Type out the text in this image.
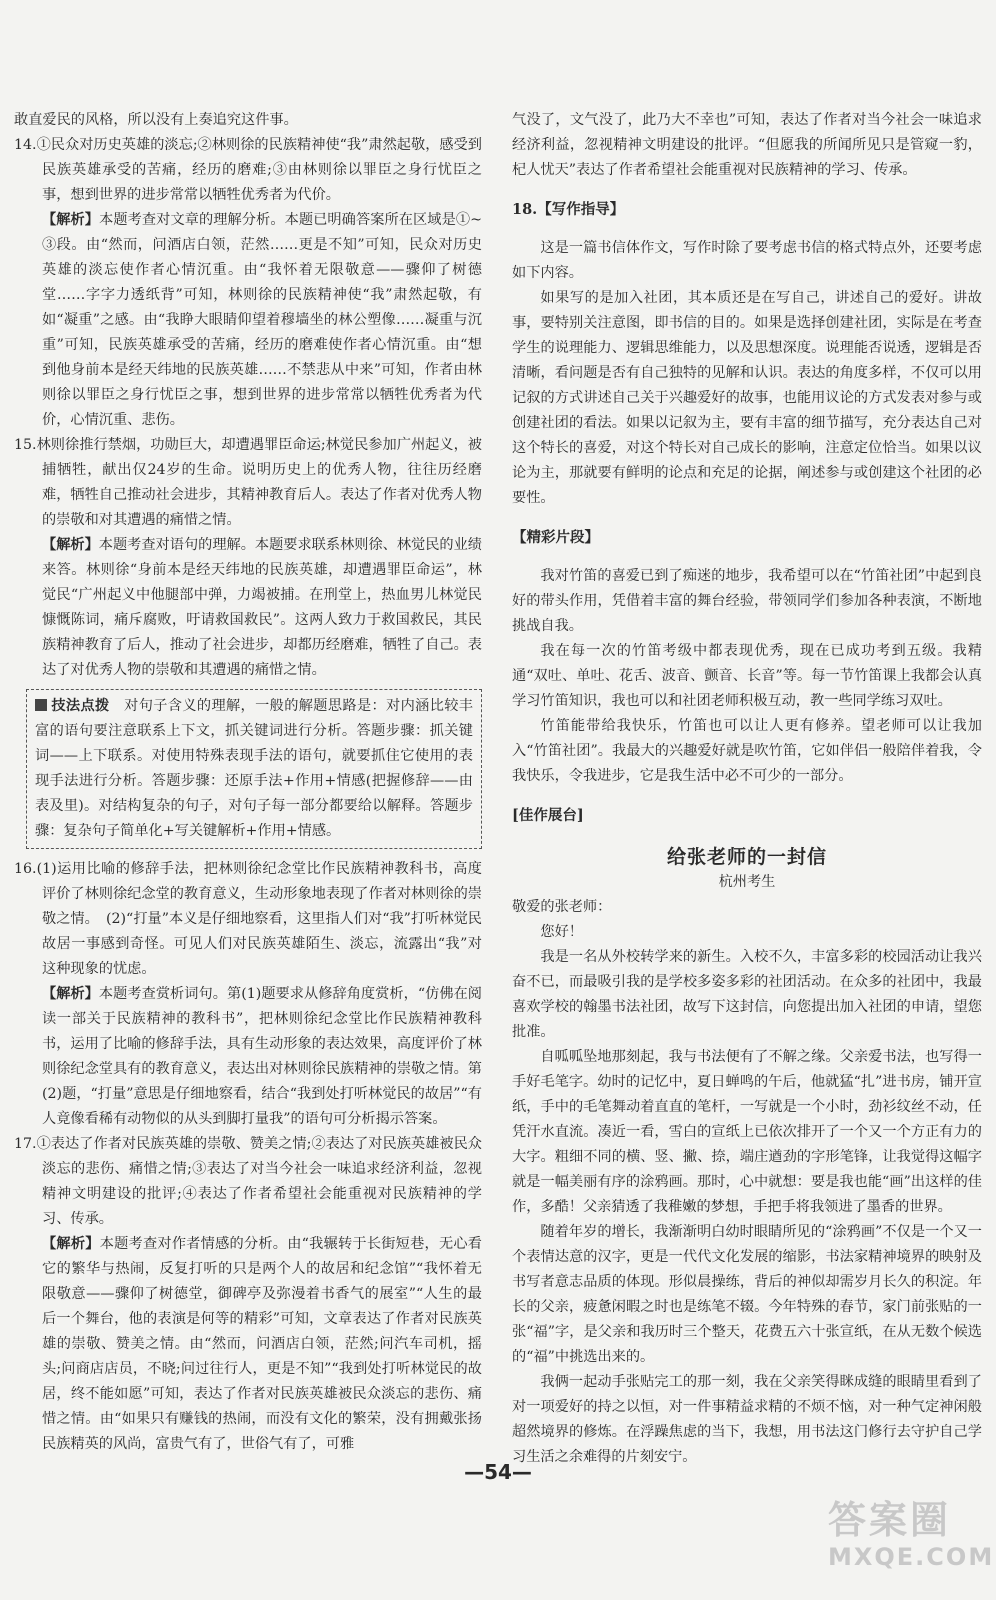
敢直爱民的风格，所以没有上奏追究这件事。

14.①民众对历史英雄的淡忘;②林则徐的民族精神使“我”肃然起敬，感受到民族英雄承受的苦痛，经历的磨难;③由林则徐以罪臣之身行忧臣之事，想到世界的进步常常以牺牲优秀者为代价。

【解析】本题考查对文章的理解分析。本题已明确答案所在区域是①~③段。由“然而，问酒店白领，茫然……更是不知”可知，民众对历史英雄的淡忘使作者心情沉重。由“我怀着无限敬意——骤仰了树德堂……字字力透纸背”可知，林则徐的民族精神使“我”肃然起敬，有如“凝重”之感。由“我睁大眼睛仰望着穆墙坐的林公塑像……凝重与沉重”可知，民族英雄承受的苦痛，经历的磨难使作者心情沉重。由“想到他身前本是经天纬地的民族英雄……不禁悲从中来”可知，作者由林则徐以罪臣之身行忧臣之事，想到世界的进步常常以牺牲优秀者为代价，心情沉重、悲伤。

15.林则徐推行禁烟，功勋巨大，却遭遇罪臣命运;林觉民参加广州起义，被捕牺牲，献出仅24岁的生命。说明历史上的优秀人物，往往历经磨难，牺牲自己推动社会进步，其精神教育后人。表达了作者对优秀人物的崇敬和对其遭遇的痛惜之情。

【解析】本题考查对语句的理解。本题要求联系林则徐、林觉民的业绩来答。林则徐“身前本是经天纬地的民族英雄，却遭遇罪臣命运”，林觉民“广州起义中他腿部中弹，力竭被捕。在刑堂上，热血男儿林觉民慷慨陈词，痛斥腐败，吁请救国救民”。这两人致力于救国救民，其民族精神教育了后人，推动了社会进步，却都历经磨难，牺牲了自己。表达了对优秀人物的崇敬和其遭遇的痛惜之情。

技法点拨　 对句子含义的理解，一般的解题思路是：对内涵比较丰富的语句要注意联系上下文，抓关键词进行分析。答题步骤：抓关键词——上下联系。对使用特殊表现手法的语句，就要抓住它使用的表现手法进行分析。答题步骤：还原手法+作用+情感(把握修辞——由表及里)。对结构复杂的句子，对句子每一部分都要给以解释。答题步骤：复杂句子简单化+写关键解析+作用+情感。

16.(1)运用比喻的修辞手法，把林则徐纪念堂比作民族精神教科书，高度评价了林则徐纪念堂的教育意义，生动形象地表现了作者对林则徐的崇敬之情。　(2)“打量”本义是仔细地察看，这里指人们对“我”打听林觉民故居一事感到奇怪。可见人们对民族英雄陌生、淡忘，流露出“我”对这种现象的忧虑。

【解析】本题考查赏析词句。第(1)题要求从修辞角度赏析，“仿佛在阅读一部关于民族精神的教科书”，把林则徐纪念堂比作民族精神教科书，运用了比喻的修辞手法，具有生动形象的表达效果，高度评价了林则徐纪念堂具有的教育意义，表达出对林则徐民族精神的崇敬之情。第(2)题，“打量”意思是仔细地察看，结合“我到处打听林觉民的故居”“有人竟像看稀有动物似的从头到脚打量我”的语句可分析揭示答案。

17.①表达了作者对民族英雄的崇敬、赞美之情;②表达了对民族英雄被民众淡忘的悲伤、痛惜之情;③表达了对当今社会一味追求经济利益，忽视精神文明建设的批评;④表达了作者希望社会能重视对民族精神的学习、传承。

【解析】本题考查对作者情感的分析。由“我辗转于长街短巷，无心看它的繁华与热闹，反复打听的只是两个人的故居和纪念馆”“我怀着无限敬意——骤仰了树德堂，御碑亭及弥漫着书香气的展室”“人生的最后一个舞台，他的表演是何等的精彩”可知，文章表达了作者对民族英雄的崇敬、赞美之情。由“然而，问酒店白领，茫然;问汽车司机，摇头;问商店店员，不晓;问过往行人，更是不知”“我到处打听林觉民的故居，终不能如愿”可知，表达了作者对民族英雄被民众淡忘的悲伤、痛惜之情。由“如果只有赚钱的热闹，而没有文化的繁荣，没有拥戴张扬民族精英的风尚，富贵气有了，世俗气有了，可雅

气没了，文气没了，此乃大不幸也”可知，表达了作者对当今社会一味追求经济利益，忽视精神文明建设的批评。“但愿我的所闻所见只是管窥一豹，杞人忧天”表达了作者希望社会能重视对民族精神的学习、传承。

18.【写作指导】

这是一篇书信体作文，写作时除了要考虑书信的格式特点外，还要考虑如下内容。

如果写的是加入社团，其本质还是在写自己，讲述自己的爱好。讲故事，要特别关注意图，即书信的目的。如果是选择创建社团，实际是在考查学生的说理能力、逻辑思维能力，以及思想深度。说理能否说透，逻辑是否清晰，看问题是否有自己独特的见解和认识。表达的角度多样，不仅可以用记叙的方式讲述自己关于兴趣爱好的故事，也能用议论的方式发表对参与或创建社团的看法。如果以记叙为主，要有丰富的细节描写，充分表达自己对这个特长的喜爱，对这个特长对自己成长的影响，注意定位恰当。如果以议论为主，那就要有鲜明的论点和充足的论据，阐述参与或创建这个社团的必要性。

【精彩片段】

我对竹笛的喜爱已到了痴迷的地步，我希望可以在“竹笛社团”中起到良好的带头作用，凭借着丰富的舞台经验，带领同学们参加各种表演，不断地挑战自我。

我在每一次的竹笛考级中都表现优秀，现在已成功考到五级。我精通“双吐、单吐、花舌、波音、颤音、长音”等。每一节竹笛课上我都会认真学习竹笛知识，我也可以和社团老师积极互动，教一些同学练习双吐。

竹笛能带给我快乐，竹笛也可以让人更有修养。望老师可以让我加入“竹笛社团”。我最大的兴趣爱好就是吹竹笛，它如伴侣一般陪伴着我，令我快乐，令我进步，它是我生活中必不可少的一部分。

[佳作展台]

给张老师的一封信
杭州考生

敬爱的张老师：

您好！

我是一名从外校转学来的新生。入校不久，丰富多彩的校园活动让我兴奋不已，而最吸引我的是学校多姿多彩的社团活动。在众多的社团中，我最喜欢学校的翰墨书法社团，故写下这封信，向您提出加入社团的申请，望您批准。

自呱呱坠地那刻起，我与书法便有了不解之缘。父亲爱书法，也写得一手好毛笔字。幼时的记忆中，夏日蝉鸣的午后，他就猛“扎”进书房，铺开宣纸，手中的毛笔舞动着直直的笔杆，一写就是一个小时，劲衫纹丝不动，任凭汗水直流。凑近一看，雪白的宣纸上已依次排开了一个又一个方正有力的大字。粗细不同的横、竖、撇、捺，端庄遒劲的字形笔锋，让我觉得这幅字就是一幅美丽有序的涂鸦画。那时，心中就想：要是我也能“画”出这样的佳作，多酷！父亲猜透了我稚嫩的梦想，手把手将我领进了墨香的世界。

随着年岁的增长，我渐渐明白幼时眼睛所见的“涂鸦画”不仅是一个又一个表情达意的汉字，更是一代代文化发展的缩影，书法家精神境界的映射及书写者意志品质的体现。形似晨操练，背后的神似却需岁月长久的积淀。年长的父亲，疲惫闲暇之时也是练笔不辍。今年特殊的春节，家门前张贴的一张“福”字，是父亲和我历时三个整天，花费五六十张宣纸，在从无数个候选的“福”中挑选出来的。

我俩一起动手张贴完工的那一刻，我在父亲笑得眯成缝的眼睛里看到了对一项爱好的持之以恒，对一件事精益求精的不烦不恼，对一种气定神闲般超然境界的修炼。在浮躁焦虑的当下，我想，用书法这门修行去守护自己学习生活之余难得的片刻安宁。

—54—
答案圈
MXQE.COM
